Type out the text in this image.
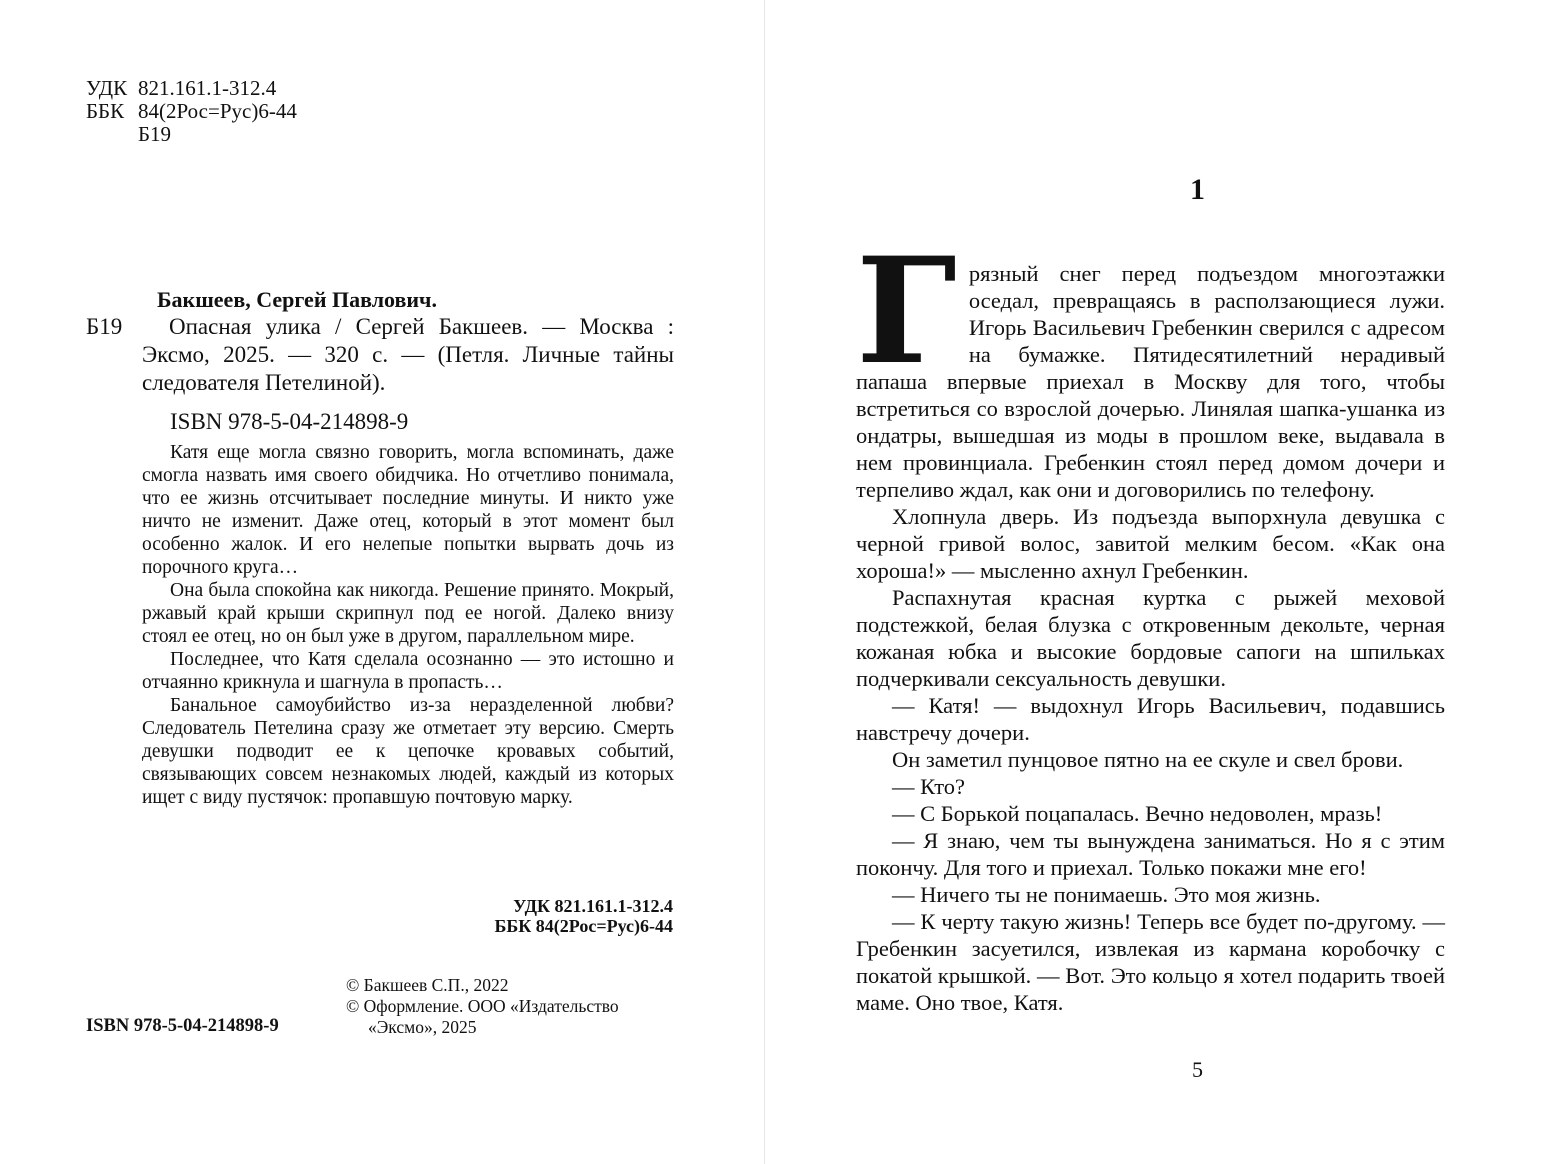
УДК 821.161.1-312.4
ББК 84(2Рос=Рус)6-44
Б19
Бакшеев, Сергей Павлович.
Б19	Опасная улика / Сергей Бакшеев. — Москва : Эксмо, 2025. — 320 с. — (Петля. Личные тайны следователя Петелиной).

ISBN 978-5-04-214898-9

Катя еще могла связно говорить, могла вспоминать, даже смогла назвать имя своего обидчика. Но отчетливо понимала, что ее жизнь отсчитывает последние минуты. И никто уже ничто не изменит. Даже отец, который в этот момент был особенно жалок. И его нелепые попытки вырвать дочь из порочного круга…

Она была спокойна как никогда. Решение принято. Мокрый, ржавый край крыши скрипнул под ее ногой. Далеко внизу стоял ее отец, но он был уже в другом, параллельном мире.

Последнее, что Катя сделала осознанно — это истошно и отчаянно крикнула и шагнула в пропасть…

Банальное самоубийство из-за неразделенной любви? Следователь Петелина сразу же отметает эту версию. Смерть девушки подводит ее к цепочке кровавых событий, связывающих совсем незнакомых людей, каждый из которых ищет с виду пустячок: пропавшую почтовую марку.

УДК 821.161.1-312.4
ББК 84(2Рос=Рус)6-44
© Бакшеев С.П., 2022
© Оформление. ООО «Издательство
«Эксмо», 2025
ISBN 978-5-04-214898-9
1

Грязный снег перед подъездом многоэтажки оседал, превращаясь в расползающиеся лужи. Игорь Васильевич Гребенкин сверился с адресом на бумажке. Пятидесятилетний нерадивый папаша впервые приехал в Москву для того, чтобы встретиться со взрослой дочерью. Линялая шапка-ушанка из ондатры, вышедшая из моды в прошлом веке, выдавала в нем провинциала. Гребенкин стоял перед домом дочери и терпеливо ждал, как они и договорились по телефону.

Хлопнула дверь. Из подъезда выпорхнула девушка с черной гривой волос, завитой мелким бесом. «Как она хороша!» — мысленно ахнул Гребенкин.

Распахнутая красная куртка с рыжей меховой подстежкой, белая блузка с откровенным декольте, черная кожаная юбка и высокие бордовые сапоги на шпильках подчеркивали сексуальность девушки.

— Катя! — выдохнул Игорь Васильевич, подавшись навстречу дочери.

Он заметил пунцовое пятно на ее скуле и свел брови.

— Кто?

— С Борькой поцапалась. Вечно недоволен, мразь!

— Я знаю, чем ты вынуждена заниматься. Но я с этим покончу. Для того и приехал. Только покажи мне его!

— Ничего ты не понимаешь. Это моя жизнь.

— К черту такую жизнь! Теперь все будет по-другому. — Гребенкин засуетился, извлекая из кармана коробочку с покатой крышкой. — Вот. Это кольцо я хотел подарить твоей маме. Оно твое, Катя.

5
